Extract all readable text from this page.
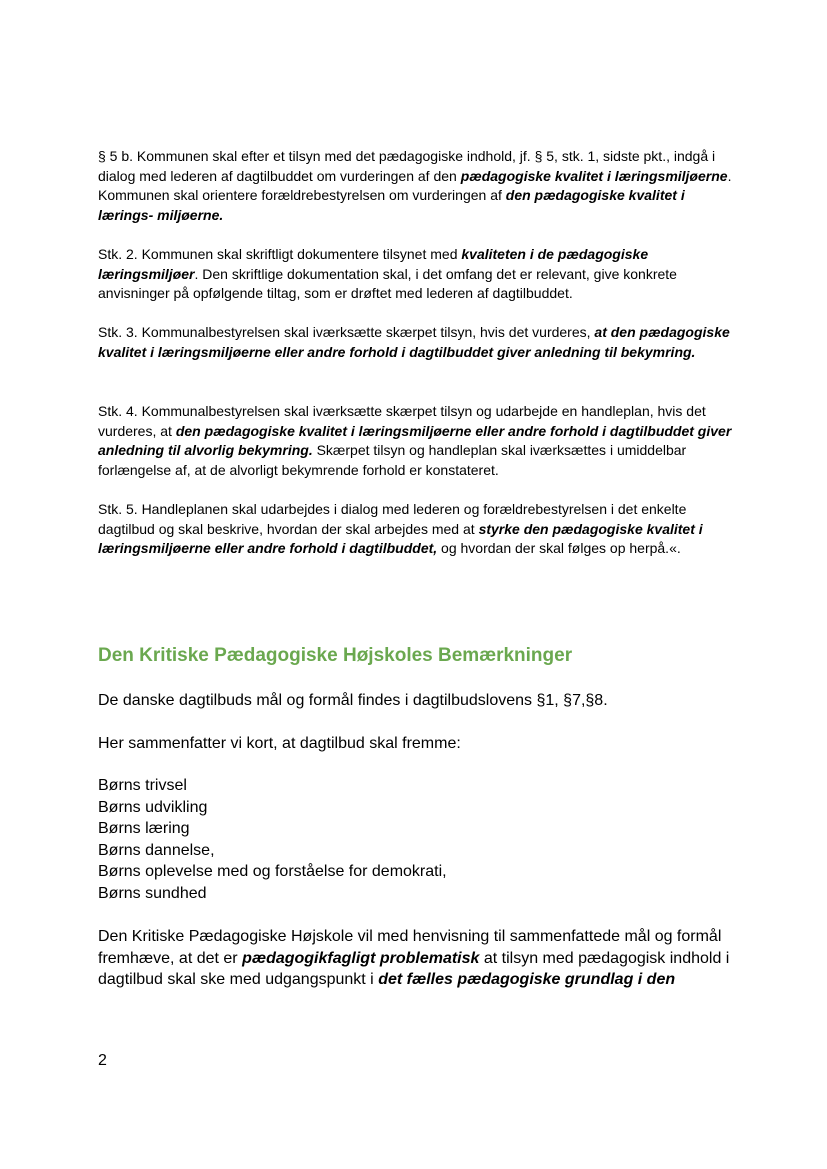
§ 5 b. Kommunen skal efter et tilsyn med det pædagogiske indhold, jf. § 5, stk. 1, sidste pkt., indgå i dialog med lederen af dagtilbuddet om vurderingen af den pædagogiske kvalitet i læringsmiljøerne. Kommunen skal orientere forældrebestyrelsen om vurderingen af den pædagogiske kvalitet i lærings- miljøerne.

Stk. 2. Kommunen skal skriftligt dokumentere tilsynet med kvaliteten i de pædagogiske læringsmiljøer. Den skriftlige dokumentation skal, i det omfang det er relevant, give konkrete anvisninger på opfølgende tiltag, som er drøftet med lederen af dagtilbuddet.

Stk. 3. Kommunalbestyrelsen skal iværksætte skærpet tilsyn, hvis det vurderes, at den pædagogiske kvalitet i læringsmiljøerne eller andre forhold i dagtilbuddet giver anledning til bekymring.

Stk. 4. Kommunalbestyrelsen skal iværksætte skærpet tilsyn og udarbejde en handleplan, hvis det vurderes, at den pædagogiske kvalitet i læringsmiljøerne eller andre forhold i dagtilbuddet giver anledning til alvorlig bekymring. Skærpet tilsyn og handleplan skal iværksættes i umiddelbar forlængelse af, at de alvorligt bekymrende forhold er konstateret.

Stk. 5. Handleplanen skal udarbejdes i dialog med lederen og forældrebestyrelsen i det enkelte dagtilbud og skal beskrive, hvordan der skal arbejdes med at styrke den pædagogiske kvalitet i læringsmiljøerne eller andre forhold i dagtilbuddet, og hvordan der skal følges op herpå.«.

Den Kritiske Pædagogiske Højskoles Bemærkninger

De danske dagtilbuds mål og formål findes i dagtilbudslovens §1, §7,§8.

Her sammenfatter vi kort, at dagtilbud skal fremme:

Børns trivsel
Børns udvikling
Børns læring
Børns dannelse,
Børns oplevelse med og forståelse for demokrati,
Børns sundhed

Den Kritiske Pædagogiske Højskole vil med henvisning til sammenfattede mål og formål fremhæve, at det er pædagogikfagligt problematisk at tilsyn med pædagogisk indhold i dagtilbud skal ske med udgangspunkt i det fælles pædagogiske grundlag i den

2
